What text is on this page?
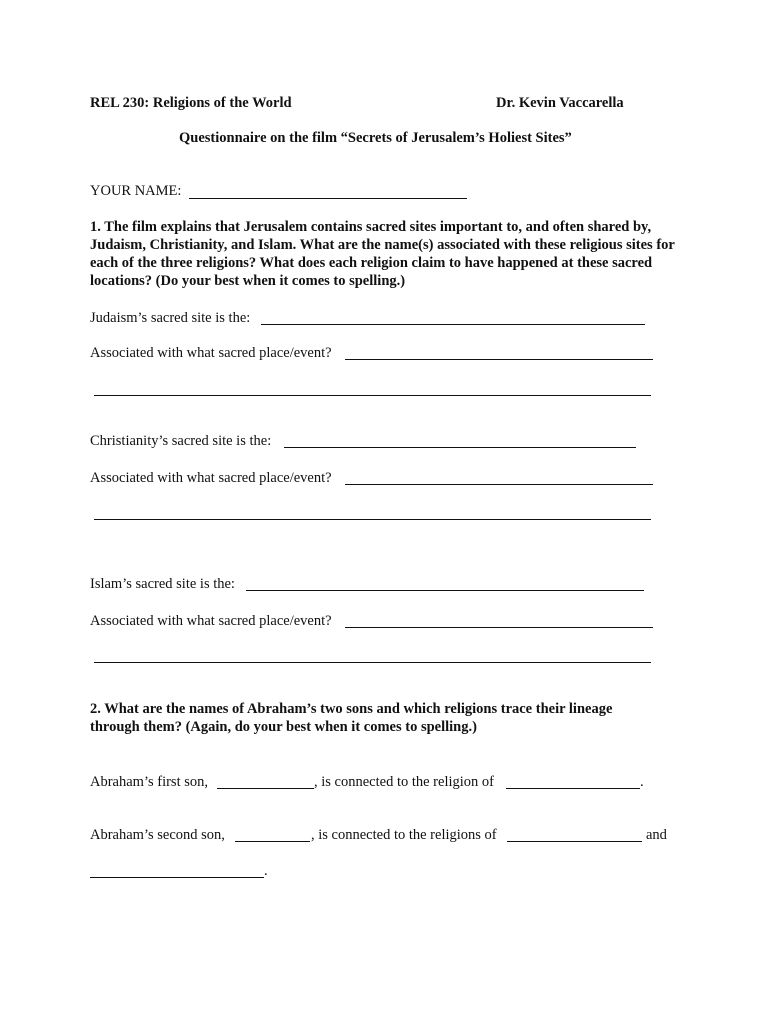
REL 230: Religions of the World	Dr. Kevin Vaccarella
Questionnaire on the film “Secrets of Jerusalem’s Holiest Sites”
YOUR NAME:
1. The film explains that Jerusalem contains sacred sites important to, and often shared by, Judaism, Christianity, and Islam. What are the name(s) associated with these religious sites for each of the three religions? What does each religion claim to have happened at these sacred locations? (Do your best when it comes to spelling.)
Judaism’s sacred site is the:
Associated with what sacred place/event?
Christianity’s sacred site is the:
Associated with what sacred place/event?
Islam’s sacred site is the:
Associated with what sacred place/event?
2. What are the names of Abraham’s two sons and which religions trace their lineage through them? (Again, do your best when it comes to spelling.)
Abraham’s first son,	, is connected to the religion of	.
Abraham’s second son,	, is connected to the religions of	and
.
